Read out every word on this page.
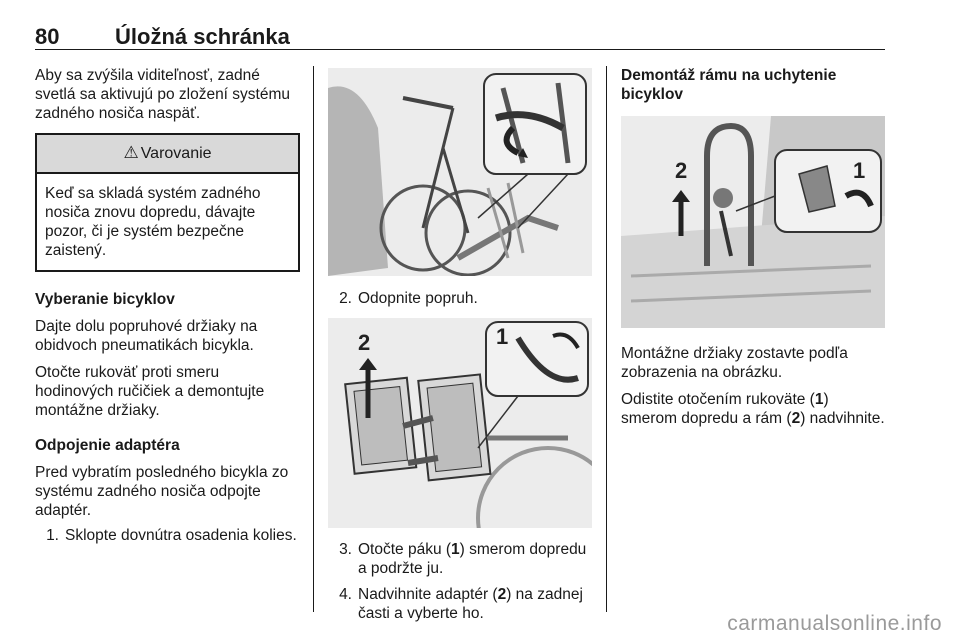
80	Úložná schránka

Aby sa zvýšila viditeľnosť, zadné svetlá sa aktivujú po zložení systému zadného nosiča naspäť.

⚠ Varovanie
Keď sa skladá systém zadného nosiča znovu dopredu, dávajte pozor, či je systém bezpečne zaistený.

Vyberanie bicyklov

Dajte dolu popruhové držiaky na obidvoch pneumatikách bicykla.

Otočte rukoväť proti smeru hodinových ručičiek a demontujte montážne držiaky.

Odpojenie adaptéra

Pred vybratím posledného bicykla zo systému zadného nosiča odpojte adaptér.

1. Sklopte dovnútra osadenia kolies.
2. Odopnite popruh.
2	1
3. Otočte páku (1) smerom dopredu a podržte ju.
4. Nadvihnite adaptér (2) na zadnej časti a vyberte ho.

Demontáž rámu na uchytenie bicyklov

2	1

Montážne držiaky zostavte podľa zobrazenia na obrázku.

Odistite otočením rukoväte (1) smerom dopredu a rám (2) nadvihnite.

carmanualsonline.info
